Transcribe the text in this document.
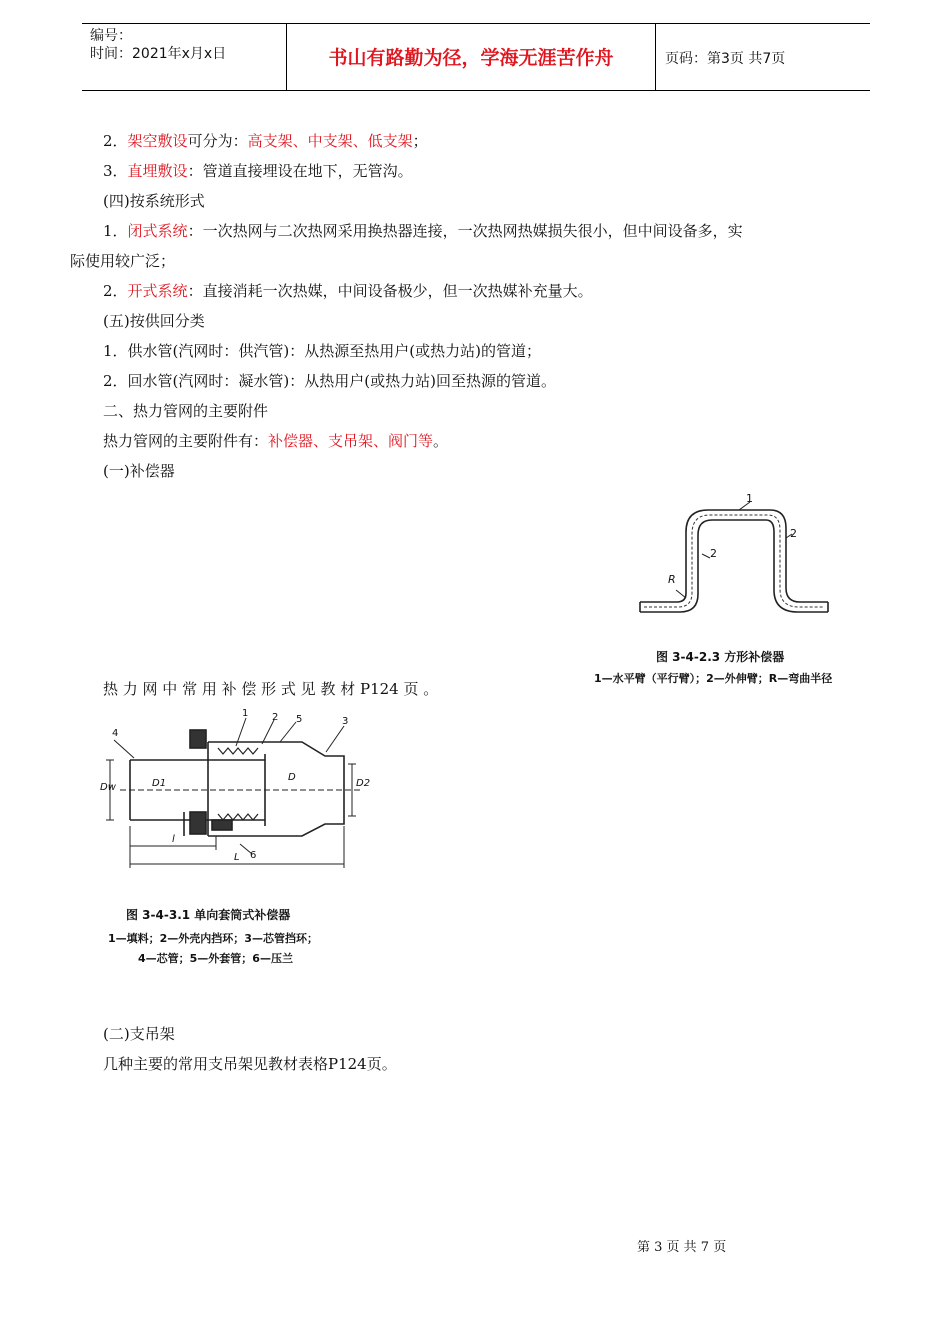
编号：
时间：2021年x月x日	书山有路勤为径，学海无涯苦作舟	页码：第3页 共7页
2．架空敷设可分为：高支架、中支架、低支架；
3．直埋敷设：管道直接埋设在地下，无管沟。
(四)按系统形式
1．闭式系统：一次热网与二次热网采用换热器连接，一次热网热媒损失很小，但中间设备多，实
际使用较广泛；
2．开式系统：直接消耗一次热媒，中间设备极少，但一次热媒补充量大。
(五)按供回分类
1．供水管(汽网时：供汽管)：从热源至热用户(或热力站)的管道；
2．回水管(汽网时：凝水管)：从热用户(或热力站)回至热源的管道。
二、热力管网的主要附件
热力管网的主要附件有：补偿器、支吊架、阀门等。
(一)补偿器
1
2
2
R
图 3-4-2.3 方形补偿器
1—水平臂（平行臂）；2—外伸臂；R—弯曲半径
热 力 网 中 常 用 补 偿 形 式 见 教 材 P124 页 。
1 2 5	3
4
6
Dw	D1
D
D2
l
L
图 3-4-3.1 单向套筒式补偿器
1—填料；2—外壳内挡环；3—芯管挡环；
4—芯管；5—外套管；6—压兰
(二)支吊架
几种主要的常用支吊架见教材表格P124页。
第 3 页 共 7 页
